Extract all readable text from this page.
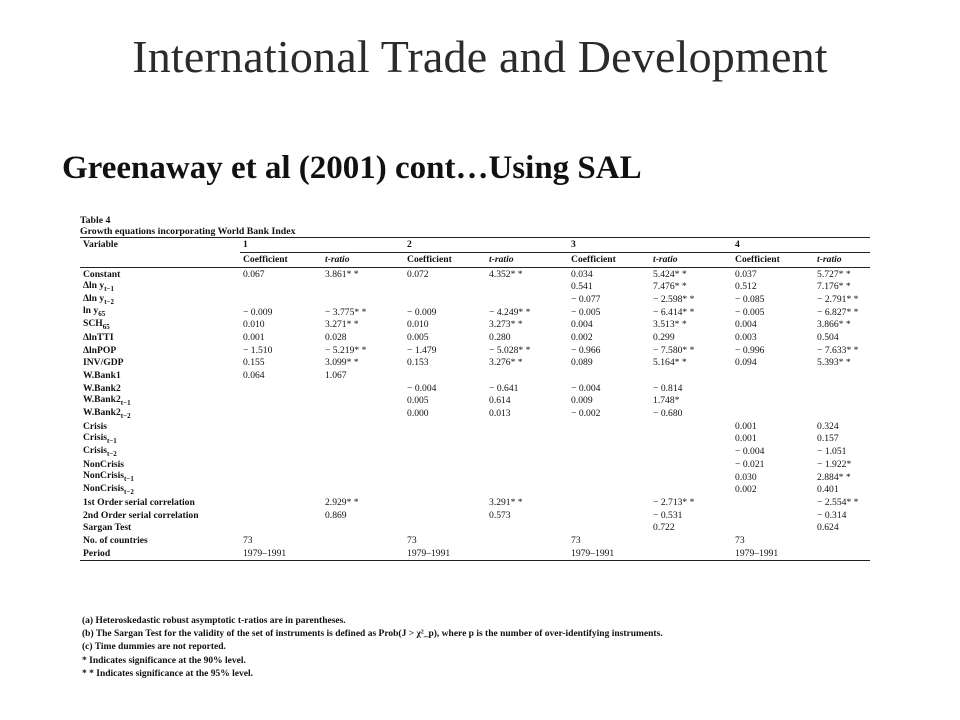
International Trade and Development
Greenaway et al (2001) cont…Using SAL
Table 4
Growth equations incorporating World Bank Index
Variable	1		2		3		4		
	Coefficient	t-ratio	Coefficient	t-ratio	Coefficient	t-ratio	Coefficient	t-ratio	
Constant	0.067	3.861* *	0.072	4.352* *	0.034	5.424* *	0.037	5.727* *	
Δln $y_{t-1}$					0.541	7.476* *	0.512	7.176* *	
Δln $y_{t-2}$					− 0.077	− 2.598* *	− 0.085	− 2.791* *	
$\ln y_{65}$	− 0.009	− 3.775* *	− 0.009	− 4.249* *	− 0.005	− 6.414* *	− 0.005	− 6.827* *	
$SCH_{65}$	0.010	3.271* *	0.010	3.273* *	0.004	3.513* *	0.004	3.866* *	
ΔlnTTI	0.001	0.028	0.005	0.280	0.002	0.299	0.003	0.504	
ΔlnPOP	− 1.510	− 5.219* *	− 1.479	− 5.028* *	− 0.966	− 7.580* *	− 0.996	− 7.633* *	
INV/GDP	0.155	3.099* *	0.153	3.276* *	0.089	5.164* *	0.094	5.393* *	
W.Bank1	0.064	1.067							
W.Bank2			− 0.004	− 0.641	− 0.004	− 0.814			
$W.Bank2_{t-1}$			0.005	0.614	0.009	1.748*			
$W.Bank2_{t-2}$			0.000	0.013	− 0.002	− 0.680			
Crisis							0.001	0.324	
Crisis$_{t-1}$							0.001	0.157	
Crisis$_{t-2}$							− 0.004	− 1.051	
NonCrisis							− 0.021	− 1.922*	
NonCrisis$_{t-1}$							0.030	2.884* *	
NonCrisis$_{t-2}$							0.002	0.401	
1st Order serial correlation		2.929* *		3.291* *		− 2.713* *		− 2.554* *	
2nd Order serial correlation		0.869		0.573		− 0.531		− 0.314	
Sargan Test						0.722		0.624	
No. of countries	73		73		73		73		
Period	1979–1991		1979–1991		1979–1991		1979–1991		
(a) Heteroskedastic robust asymptotic t-ratios are in parentheses.
(b) The Sargan Test for the validity of the set of instruments is defined as Prob(J > χ²_p), where p is the number of over-identifying instruments.
(c) Time dummies are not reported.
* Indicates significance at the 90% level.
* * Indicates significance at the 95% level.
